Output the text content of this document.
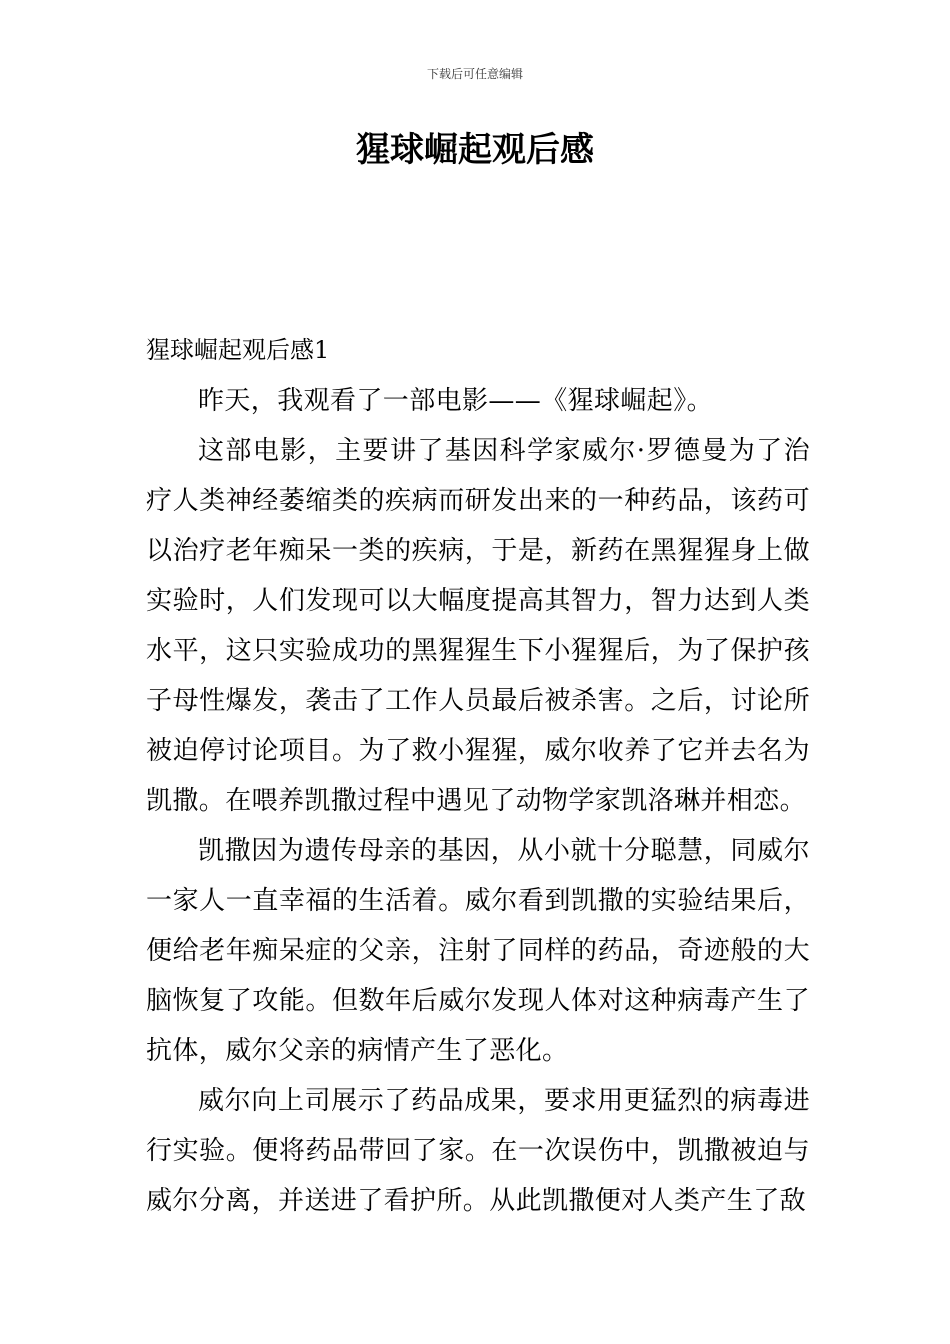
下载后可任意编辑
猩球崛起观后感
猩球崛起观后感1

昨天，我观看了一部电影——《猩球崛起》。

这部电影，主要讲了基因科学家威尔·罗德曼为了治疗人类神经萎缩类的疾病而研发出来的一种药品，该药可以治疗老年痴呆一类的疾病，于是，新药在黑猩猩身上做实验时，人们发现可以大幅度提高其智力，智力达到人类水平，这只实验成功的黑猩猩生下小猩猩后，为了保护孩子母性爆发，袭击了工作人员最后被杀害。之后，讨论所被迫停讨论项目。为了救小猩猩，威尔收养了它并去名为凯撒。在喂养凯撒过程中遇见了动物学家凯洛琳并相恋。

凯撒因为遗传母亲的基因，从小就十分聪慧，同威尔一家人一直幸福的生活着。威尔看到凯撒的实验结果后，便给老年痴呆症的父亲，注射了同样的药品，奇迹般的大脑恢复了攻能。但数年后威尔发现人体对这种病毒产生了抗体，威尔父亲的病情产生了恶化。

威尔向上司展示了药品成果，要求用更猛烈的病毒进行实验。便将药品带回了家。在一次误伤中，凯撒被迫与威尔分离，并送进了看护所。从此凯撒便对人类产生了敌
